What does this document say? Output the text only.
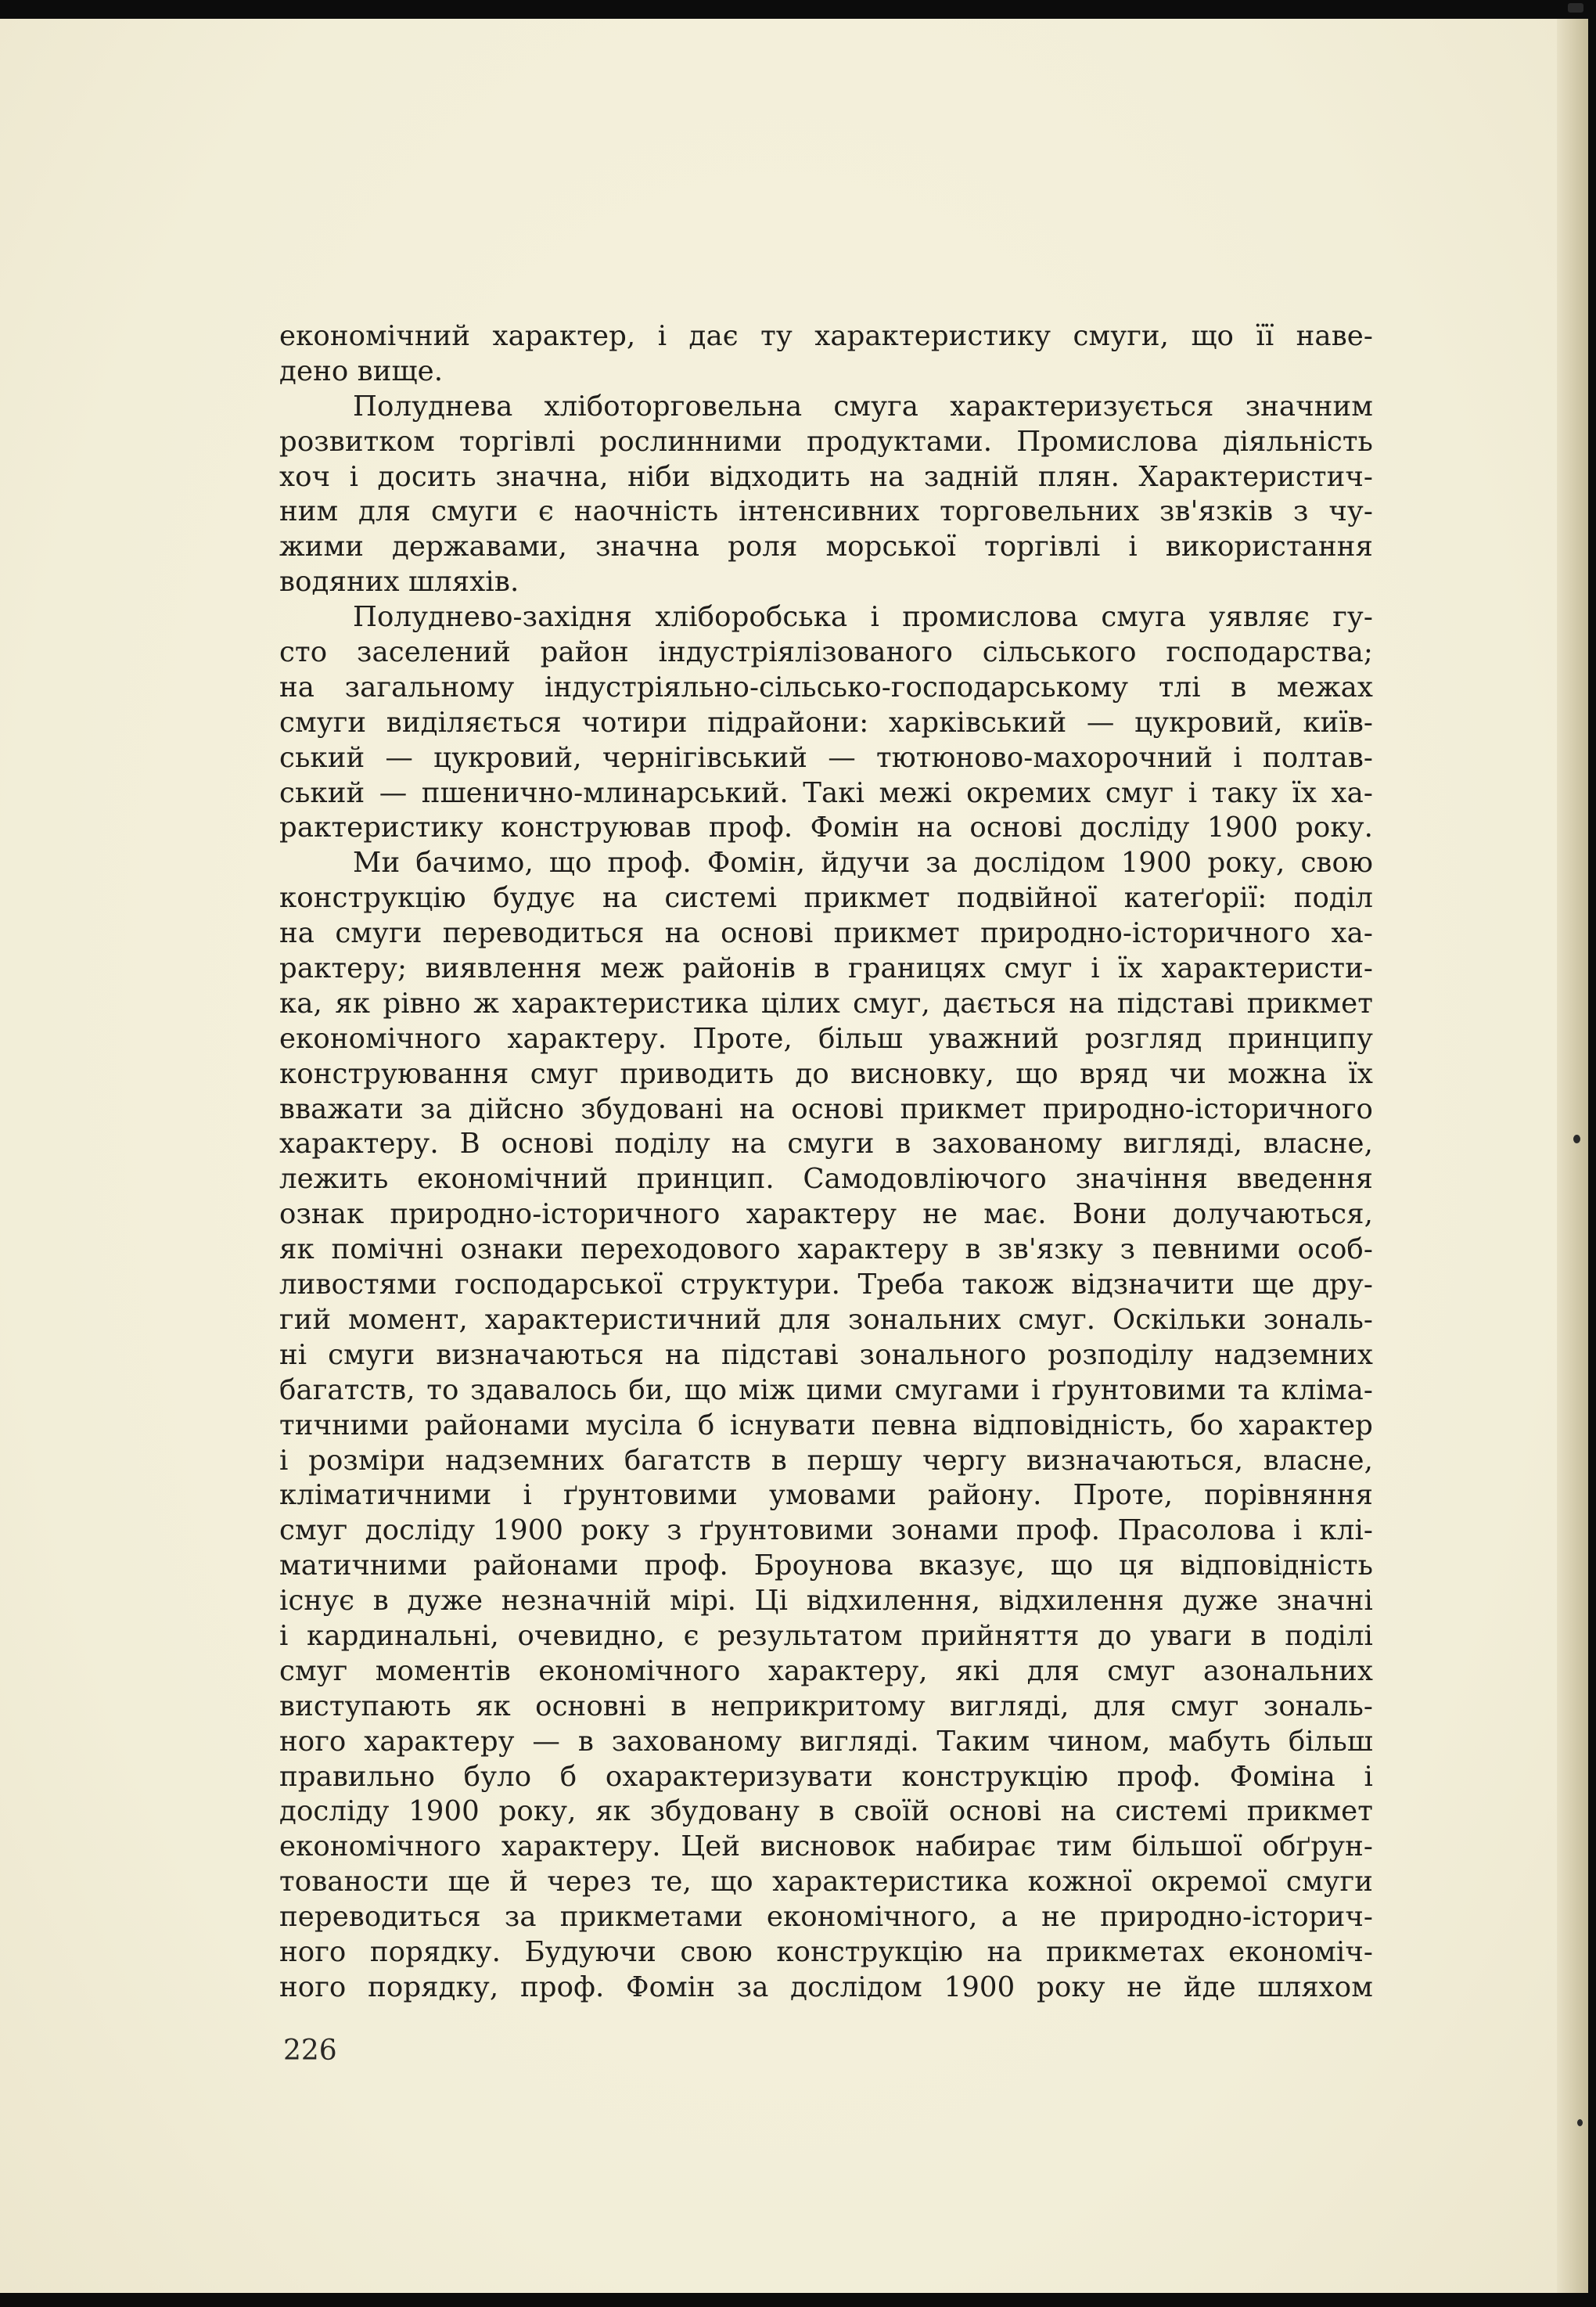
економічний характер, і дає ту характеристику смуги, що її наве-
дено вище.
Полуднева хліботорговельна смуга характеризується значним
розвитком торгівлі рослинними продуктами. Промислова діяльність
хоч і досить значна, ніби відходить на задній плян. Характеристич-
ним для смуги є наочність інтенсивних торговельних зв'язків з чу-
жими державами, значна роля морської торгівлі і використання
водяних шляхів.
Полуднево-західня хліборобська і промислова смуга уявляє гу-
сто заселений район індустріялізованого сільського господарства;
на загальному індустріяльно-сільсько-господарському тлі в межах
смуги виділяється чотири підрайони: харківський — цукровий, київ-
ський — цукровий, чернігівський — тютюново-махорочний і полтав-
ський — пшенично-млинарський. Такі межі окремих смуг і таку їх ха-
рактеристику конструював проф. Фомін на основі досліду 1900 року.
Ми бачимо, що проф. Фомін, йдучи за дослідом 1900 року, свою
конструкцію будує на системі прикмет подвійної катеґорії: поділ
на смуги переводиться на основі прикмет природно-історичного ха-
рактеру; виявлення меж районів в границях смуг і їх характеристи-
ка, як рівно ж характеристика цілих смуг, дається на підставі прикмет
економічного характеру. Проте, більш уважний розгляд принципу
конструювання смуг приводить до висновку, що вряд чи можна їх
вважати за дійсно збудовані на основі прикмет природно-історичного
характеру. В основі поділу на смуги в захованому вигляді, власне,
лежить економічний принцип. Самодовліючого значіння введення
ознак природно-історичного характеру не має. Вони долучаються,
як помічні ознаки переходового характеру в зв'язку з певними особ-
ливостями господарської структури. Треба також відзначити ще дру-
гий момент, характеристичний для зональних смуг. Оскільки зональ-
ні смуги визначаються на підставі зонального розподілу надземних
багатств, то здавалось би, що між цими смугами і ґрунтовими та кліма-
тичними районами мусіла б існувати певна відповідність, бо характер
і розміри надземних багатств в першу чергу визначаються, власне,
кліматичними і ґрунтовими умовами району. Проте, порівняння
смуг досліду 1900 року з ґрунтовими зонами проф. Прасолова і клі-
матичними районами проф. Броунова вказує, що ця відповідність
існує в дуже незначній мірі. Ці відхилення, відхилення дуже значні
і кардинальні, очевидно, є результатом прийняття до уваги в поділі
смуг моментів економічного характеру, які для смуг азональних
виступають як основні в неприкритому вигляді, для смуг зональ-
ного характеру — в захованому вигляді. Таким чином, мабуть більш
правильно було б охарактеризувати конструкцію проф. Фоміна і
досліду 1900 року, як збудовану в своїй основі на системі прикмет
економічного характеру. Цей висновок набирає тим більшої обґрун-
тованости ще й через те, що характеристика кожної окремої смуги
переводиться за прикметами економічного, а не природно-історич-
ного порядку. Будуючи свою конструкцію на прикметах економіч-
ного порядку, проф. Фомін за дослідом 1900 року не йде шляхом
226
